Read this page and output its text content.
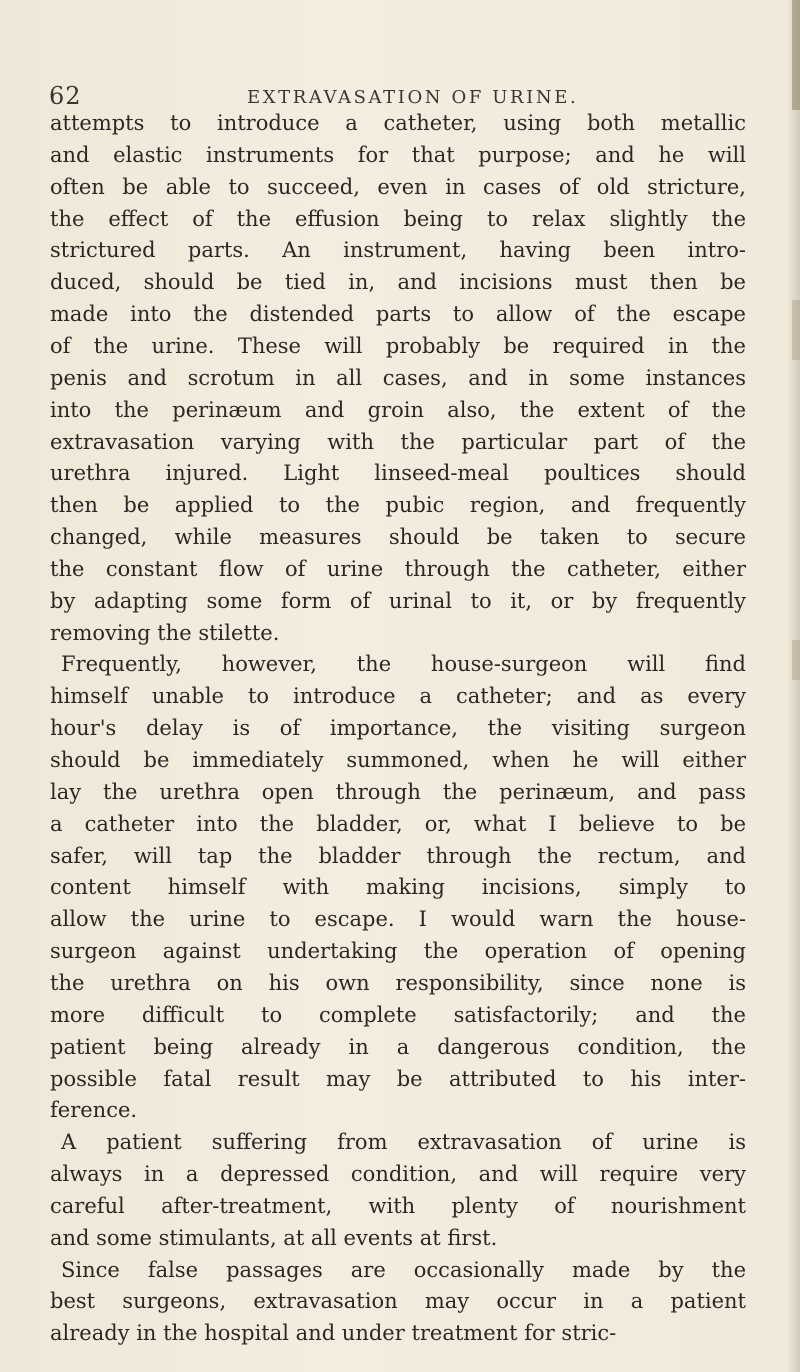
62	EXTRAVASATION OF URINE.
attempts to introduce a catheter, using both metallic
and elastic instruments for that purpose; and he will
often be able to succeed, even in cases of old stricture,
the effect of the effusion being to relax slightly the
strictured parts. An instrument, having been intro-
duced, should be tied in, and incisions must then be
made into the distended parts to allow of the escape
of the urine. These will probably be required in the
penis and scrotum in all cases, and in some instances
into the perinæum and groin also, the extent of the
extravasation varying with the particular part of the
urethra injured. Light linseed-meal poultices should
then be applied to the pubic region, and frequently
changed, while measures should be taken to secure
the constant flow of urine through the catheter, either
by adapting some form of urinal to it, or by frequently
removing the stilette.
Frequently, however, the house-surgeon will find
himself unable to introduce a catheter; and as every
hour's delay is of importance, the visiting surgeon
should be immediately summoned, when he will either
lay the urethra open through the perinæum, and pass
a catheter into the bladder, or, what I believe to be
safer, will tap the bladder through the rectum, and
content himself with making incisions, simply to
allow the urine to escape. I would warn the house-
surgeon against undertaking the operation of opening
the urethra on his own responsibility, since none is
more difficult to complete satisfactorily; and the
patient being already in a dangerous condition, the
possible fatal result may be attributed to his inter-
ference.
A patient suffering from extravasation of urine is
always in a depressed condition, and will require very
careful after-treatment, with plenty of nourishment
and some stimulants, at all events at first.
Since false passages are occasionally made by the
best surgeons, extravasation may occur in a patient
already in the hospital and under treatment for stric-
